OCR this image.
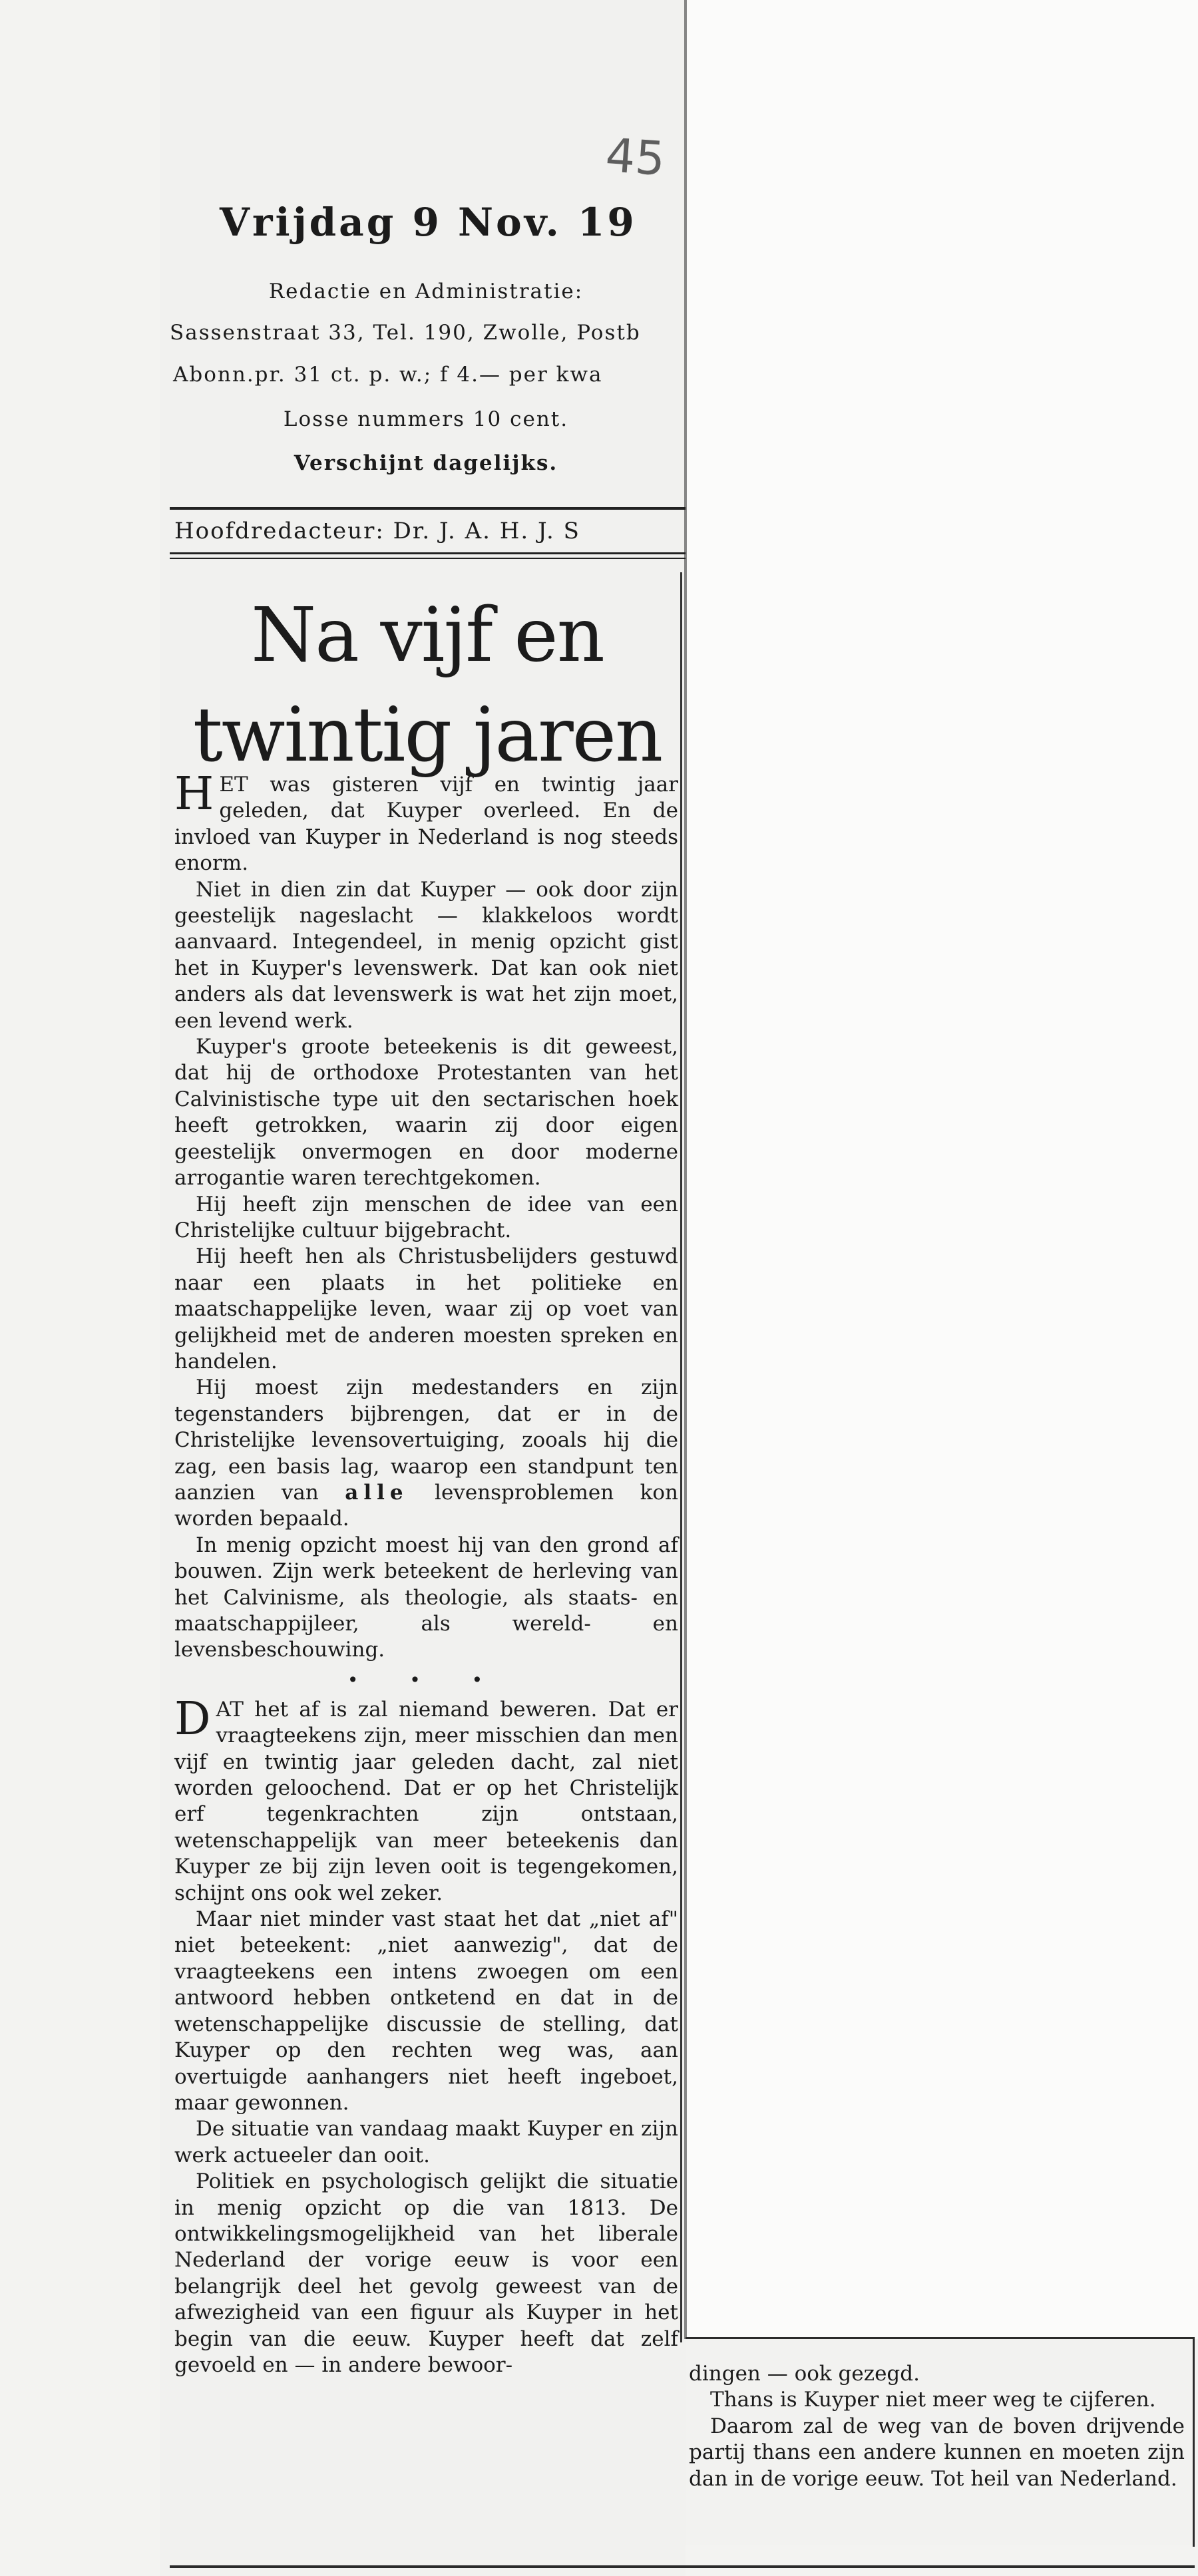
45
Vrijdag 9 Nov. 19
Redactie en Administratie:
Sassenstraat 33, Tel. 190, Zwolle, Postb
Abonn.pr. 31 ct. p. w.; f 4.— per kwa
Losse nummers 10 cent.
Verschijnt dagelijks.
Hoofdredacteur: Dr. J. A. H. J. S
Na vijf en twintig jaren

HET was gisteren vijf en twintig jaar geleden, dat Kuyper overleed. En de invloed van Kuyper in Nederland is nog steeds enorm.

Niet in dien zin dat Kuyper — ook door zijn geestelijk nageslacht — klakkeloos wordt aanvaard. Integendeel, in menig opzicht gist het in Kuyper's levenswerk. Dat kan ook niet anders als dat levenswerk is wat het zijn moet, een levend werk.

Kuyper's groote beteekenis is dit geweest, dat hij de orthodoxe Protestanten van het Calvinistische type uit den sectarischen hoek heeft getrokken, waarin zij door eigen geestelijk onvermogen en door moderne arrogantie waren terechtgekomen.

Hij heeft zijn menschen de idee van een Christelijke cultuur bijgebracht.

Hij heeft hen als Christusbelijders gestuwd naar een plaats in het politieke en maatschappelijke leven, waar zij op voet van gelijkheid met de anderen moesten spreken en handelen.

Hij moest zijn medestanders en zijn tegenstanders bijbrengen, dat er in de Christelijke levensovertuiging, zooals hij die zag, een basis lag, waarop een standpunt ten aanzien van alle levensproblemen kon worden bepaald.

In menig opzicht moest hij van den grond af bouwen. Zijn werk beteekent de herleving van het Calvinisme, als theologie, als staats- en maatschappijleer, als wereld- en levensbeschouwing.

• • •

DAT het af is zal niemand beweren. Dat er vraagteekens zijn, meer misschien dan men vijf en twintig jaar geleden dacht, zal niet worden geloochend. Dat er op het Christelijk erf tegenkrachten zijn ontstaan, wetenschappelijk van meer beteekenis dan Kuyper ze bij zijn leven ooit is tegengekomen, schijnt ons ook wel zeker.

Maar niet minder vast staat het dat „niet af" niet beteekent: „niet aanwezig", dat de vraagteekens een intens zwoegen om een antwoord hebben ontketend en dat in de wetenschappelijke discussie de stelling, dat Kuyper op den rechten weg was, aan overtuigde aanhangers niet heeft ingeboet, maar gewonnen.

De situatie van vandaag maakt Kuyper en zijn werk actueeler dan ooit.

Politiek en psychologisch gelijkt die situatie in menig opzicht op die van 1813. De ontwikkelingsmogelijkheid van het liberale Nederland der vorige eeuw is voor een belangrijk deel het gevolg geweest van de afwezigheid van een figuur als Kuyper in het begin van die eeuw. Kuyper heeft dat zelf gevoeld en — in andere bewoor-	dingen — ook gezegd.

Thans is Kuyper niet meer weg te cijferen.

Daarom zal de weg van de boven drijvende partij thans een andere kunnen en moeten zijn dan in de vorige eeuw. Tot heil van Nederland.
